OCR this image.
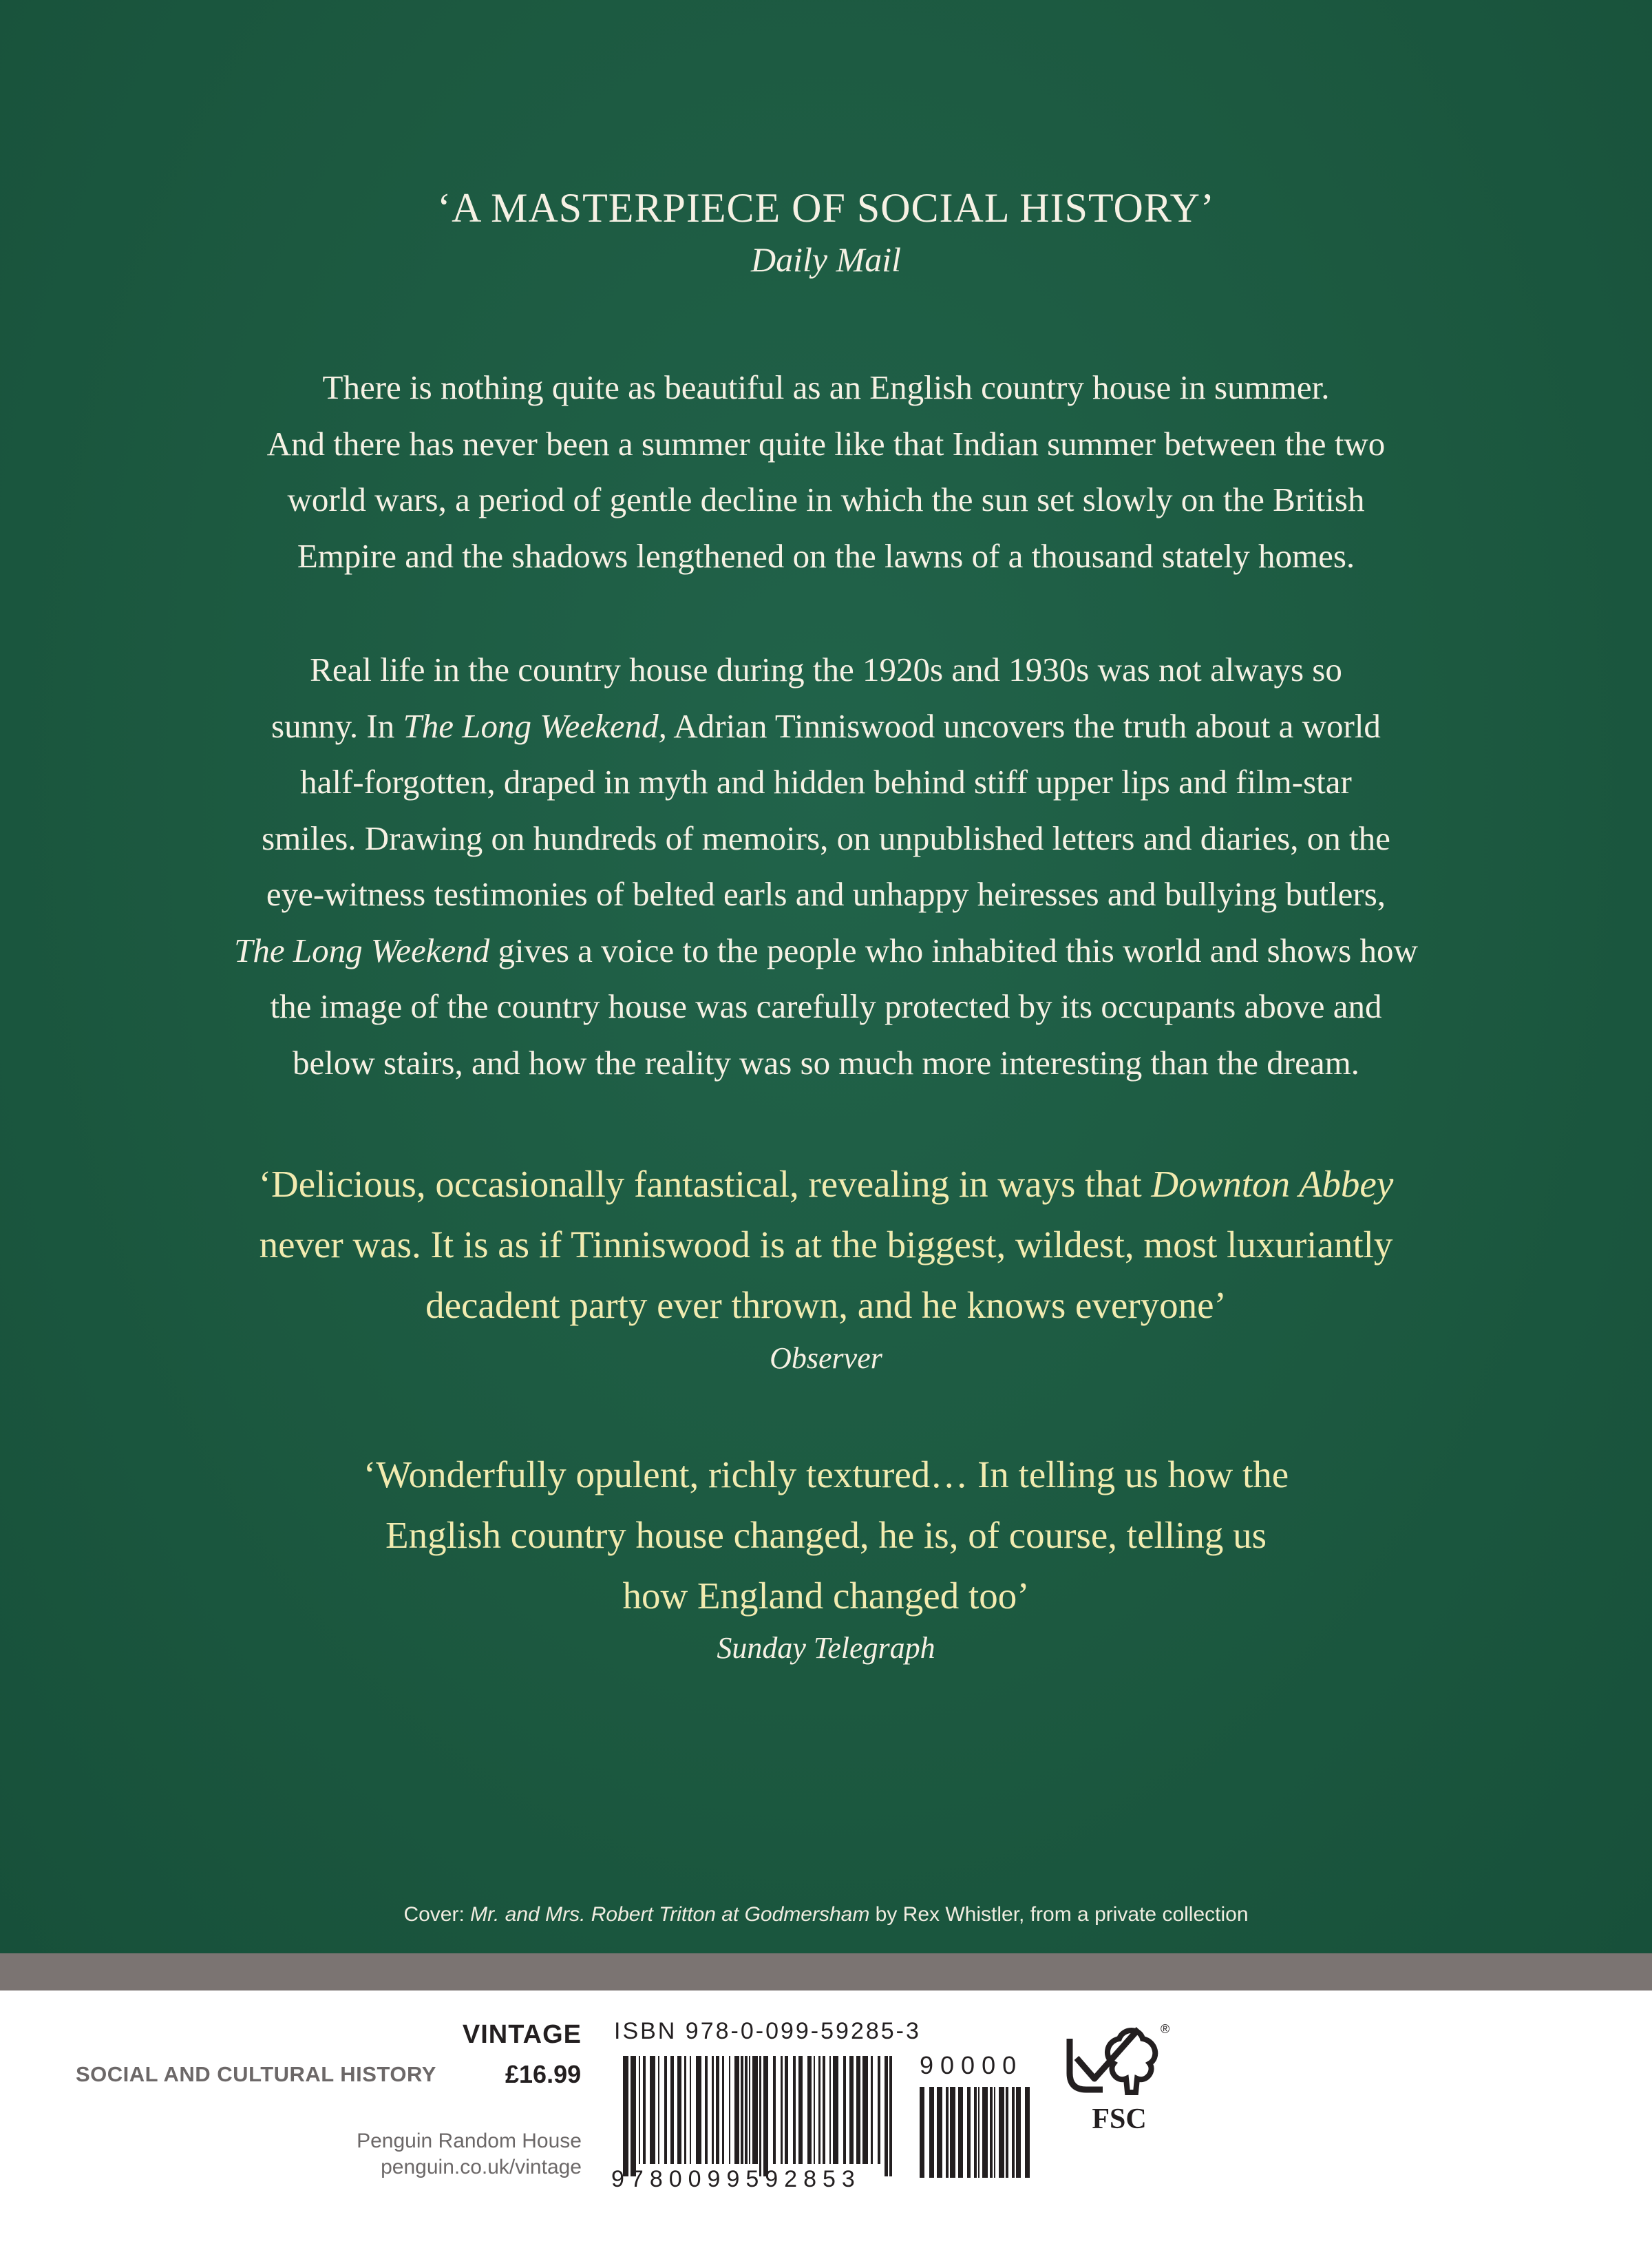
‘A MASTERPIECE OF SOCIAL HISTORY’
Daily Mail
There is nothing quite as beautiful as an English country house in summer.
And there has never been a summer quite like that Indian summer between the two
world wars, a period of gentle decline in which the sun set slowly on the British
Empire and the shadows lengthened on the lawns of a thousand stately homes.
Real life in the country house during the 1920s and 1930s was not always so
sunny. In The Long Weekend, Adrian Tinniswood uncovers the truth about a world
half-forgotten, draped in myth and hidden behind stiff upper lips and film-star
smiles. Drawing on hundreds of memoirs, on unpublished letters and diaries, on the
eye-witness testimonies of belted earls and unhappy heiresses and bullying butlers,
The Long Weekend gives a voice to the people who inhabited this world and shows how
the image of the country house was carefully protected by its occupants above and
below stairs, and how the reality was so much more interesting than the dream.
‘Delicious, occasionally fantastical, revealing in ways that Downton Abbey
never was. It is as if Tinniswood is at the biggest, wildest, most luxuriantly
decadent party ever thrown, and he knows everyone’
Observer
‘Wonderfully opulent, richly textured… In telling us how the
English country house changed, he is, of course, telling us
how England changed too’
Sunday Telegraph
Cover: Mr. and Mrs. Robert Tritton at Godmersham by Rex Whistler, from a private collection
VINTAGE
SOCIAL AND CULTURAL HISTORY	£16.99
Penguin Random House
penguin.co.uk/vintage
ISBN 978-0-099-59285-3
9780099592853
90000
®
FSC
